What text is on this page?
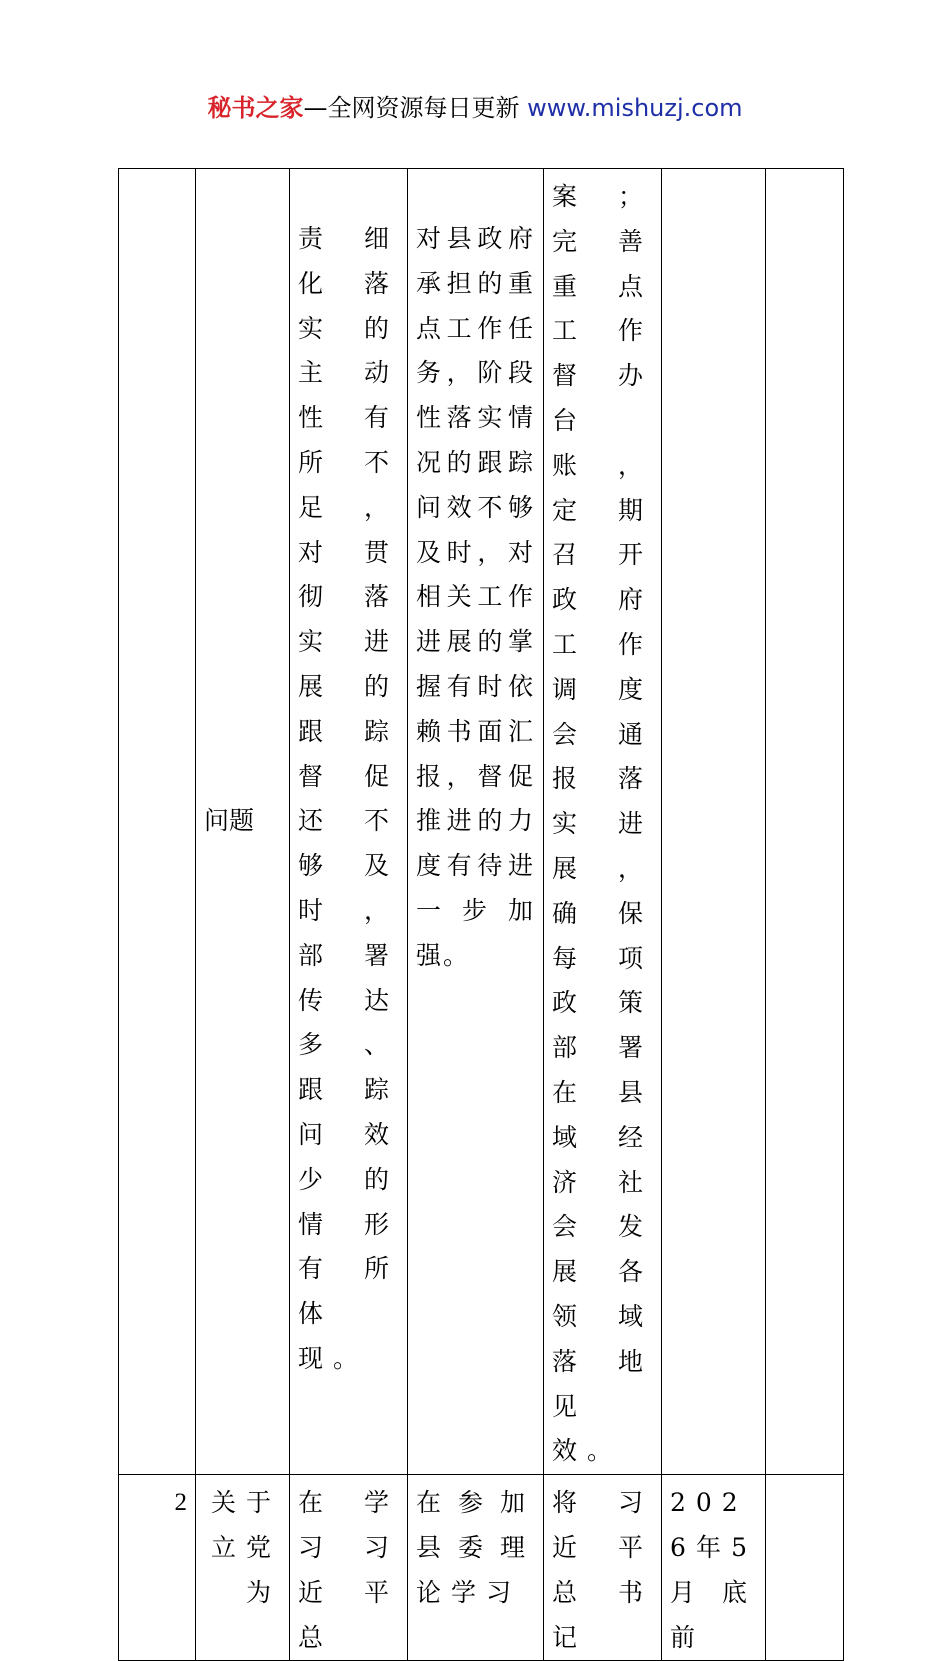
秘书之家—全网资源每日更新 www.mishuzj.com
	问题	责细化落实的主动性有所不足，对贯彻落实进展的跟踪督促还不够及时，部署传达多、跟踪问效少的情形有所体现。	对县政府承担的重点工作任务，阶段性落实情况的跟踪问效不够及时，对相关工作进展的掌握有时依赖书面汇报，督促推进的力度有待进一步加强。	案；完善重点工作督办台账，定期召开政府工作调度会通报落实进展，确保每项政策部署在县域经济社会发展各领域落地见效。		
2	关于立党为	在学习习近平总	在参加县委理论学习	将习近平总书记	2026年5月底前	
